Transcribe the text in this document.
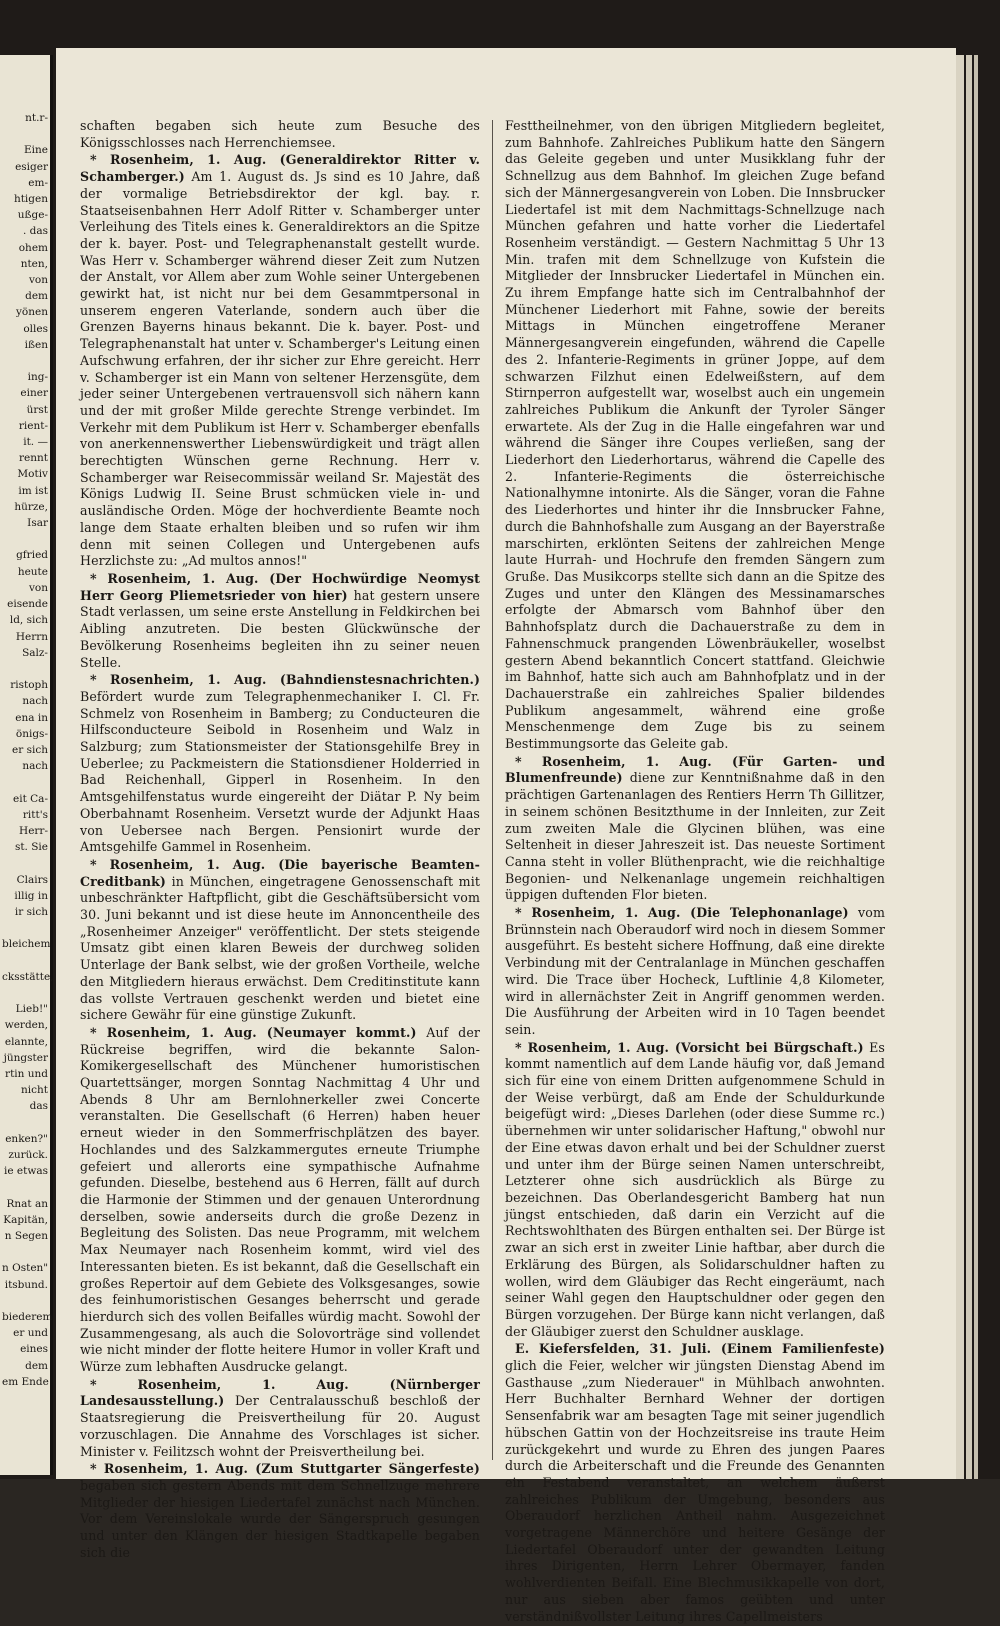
nt.r-

Eine
esiger
em-
htigen
ußge-
. das
ohem
nten,
von
dem
yönen
olles
ißen

ing-
einer
ürst
rient-
it. —
rennt
Motiv
im ist
hürze,
Isar

gfried
heute
von
eisende
ld, sich
Herrn
Salz-

ristoph
nach
ena in
önigs-
er sich
nach

eit Ca-
ritt's
Herr-
st. Sie

Clairs
illig in
ir sich

bleichem

cksstätte,

Lieb!"
werden,
elannte,
jüngster
rtin und
nicht
das

enken?"
zurück.
ie etwas

Rnat an
Kapitän,
n Segen

n Osten"
itsbund.

biederem
er und
eines
dem
em Ende

schaften begaben sich heute zum Besuche des Königsschlosses nach Herrenchiemsee.

* Rosenheim, 1. Aug. (Generaldirektor Ritter v. Schamberger.) Am 1. August ds. Js sind es 10 Jahre, daß der vormalige Betriebsdirektor der kgl. bay. r. Staatseisenbahnen Herr Adolf Ritter v. Schamberger unter Verleihung des Titels eines k. Generaldirektors an die Spitze der k. bayer. Post- und Telegraphenanstalt gestellt wurde. Was Herr v. Schamberger während dieser Zeit zum Nutzen der Anstalt, vor Allem aber zum Wohle seiner Untergebenen gewirkt hat, ist nicht nur bei dem Gesammtpersonal in unserem engeren Vaterlande, sondern auch über die Grenzen Bayerns hinaus bekannt. Die k. bayer. Post- und Telegraphenanstalt hat unter v. Schamberger's Leitung einen Aufschwung erfahren, der ihr sicher zur Ehre gereicht. Herr v. Schamberger ist ein Mann von seltener Herzensgüte, dem jeder seiner Untergebenen vertrauensvoll sich nähern kann und der mit großer Milde gerechte Strenge verbindet. Im Verkehr mit dem Publikum ist Herr v. Schamberger ebenfalls von anerkennenswerther Liebenswürdigkeit und trägt allen berechtigten Wünschen gerne Rechnung. Herr v. Schamberger war Reisecommissär weiland Sr. Majestät des Königs Ludwig II. Seine Brust schmücken viele in- und ausländische Orden. Möge der hochverdiente Beamte noch lange dem Staate erhalten bleiben und so rufen wir ihm denn mit seinen Collegen und Untergebenen aufs Herzlichste zu: „Ad multos annos!"

* Rosenheim, 1. Aug. (Der Hochwürdige Neomyst Herr Georg Pliemetsrieder von hier) hat gestern unsere Stadt verlassen, um seine erste Anstellung in Feldkirchen bei Aibling anzutreten. Die besten Glückwünsche der Bevölkerung Rosenheims begleiten ihn zu seiner neuen Stelle.

* Rosenheim, 1. Aug. (Bahndienstesnachrichten.) Befördert wurde zum Telegraphenmechaniker I. Cl. Fr. Schmelz von Rosenheim in Bamberg; zu Conducteuren die Hilfsconducteure Seibold in Rosenheim und Walz in Salzburg; zum Stationsmeister der Stationsgehilfe Brey in Ueberlee; zu Packmeistern die Stationsdiener Holderried in Bad Reichenhall, Gipperl in Rosenheim. In den Amtsgehilfenstatus wurde eingereiht der Diätar P. Ny beim Oberbahnamt Rosenheim. Versetzt wurde der Adjunkt Haas von Uebersee nach Bergen. Pensionirt wurde der Amtsgehilfe Gammel in Rosenheim.

* Rosenheim, 1. Aug. (Die bayerische Beamten-Creditbank) in München, eingetragene Genossenschaft mit unbeschränkter Haftpflicht, gibt die Geschäftsübersicht vom 30. Juni bekannt und ist diese heute im Annoncentheile des „Rosenheimer Anzeiger" veröffentlicht. Der stets steigende Umsatz gibt einen klaren Beweis der durchweg soliden Unterlage der Bank selbst, wie der großen Vortheile, welche den Mitgliedern hieraus erwächst. Dem Creditinstitute kann das vollste Vertrauen geschenkt werden und bietet eine sichere Gewähr für eine günstige Zukunft.

* Rosenheim, 1. Aug. (Neumayer kommt.) Auf der Rückreise begriffen, wird die bekannte Salon-Komikergesellschaft des Münchener humoristischen Quartettsänger, morgen Sonntag Nachmittag 4 Uhr und Abends 8 Uhr am Bernlohnerkeller zwei Concerte veranstalten. Die Gesellschaft (6 Herren) haben heuer erneut wieder in den Sommerfrischplätzen des bayer. Hochlandes und des Salzkammergutes erneute Triumphe gefeiert und allerorts eine sympathische Aufnahme gefunden. Dieselbe, bestehend aus 6 Herren, fällt auf durch die Harmonie der Stimmen und der genauen Unterordnung derselben, sowie anderseits durch die große Dezenz in Begleitung des Solisten. Das neue Programm, mit welchem Max Neumayer nach Rosenheim kommt, wird viel des Interessanten bieten. Es ist bekannt, daß die Gesellschaft ein großes Repertoir auf dem Gebiete des Volksgesanges, sowie des feinhumoristischen Gesanges beherrscht und gerade hierdurch sich des vollen Beifalles würdig macht. Sowohl der Zusammengesang, als auch die Solovorträge sind vollendet wie nicht minder der flotte heitere Humor in voller Kraft und Würze zum lebhaften Ausdrucke gelangt.

* Rosenheim, 1. Aug. (Nürnberger Landesausstellung.) Der Centralausschuß beschloß der Staatsregierung die Preisvertheilung für 20. August vorzuschlagen. Die Annahme des Vorschlages ist sicher. Minister v. Feilitzsch wohnt der Preisvertheilung bei.

* Rosenheim, 1. Aug. (Zum Stuttgarter Sängerfeste) begaben sich gestern Abends mit dem Schnellzuge mehrere Mitglieder der hiesigen Liedertafel zunächst nach München. Vor dem Vereinslokale wurde der Sängerspruch gesungen und unter den Klängen der hiesigen Stadtkapelle begaben sich die

Festtheilnehmer, von den übrigen Mitgliedern begleitet, zum Bahnhofe. Zahlreiches Publikum hatte den Sängern das Geleite gegeben und unter Musikklang fuhr der Schnellzug aus dem Bahnhof. Im gleichen Zuge befand sich der Männergesangverein von Loben. Die Innsbrucker Liedertafel ist mit dem Nachmittags-Schnellzuge nach München gefahren und hatte vorher die Liedertafel Rosenheim verständigt. — Gestern Nachmittag 5 Uhr 13 Min. trafen mit dem Schnellzuge von Kufstein die Mitglieder der Innsbrucker Liedertafel in München ein. Zu ihrem Empfange hatte sich im Centralbahnhof der Münchener Liederhort mit Fahne, sowie der bereits Mittags in München eingetroffene Meraner Männergesangverein eingefunden, während die Capelle des 2. Infanterie-Regiments in grüner Joppe, auf dem schwarzen Filzhut einen Edelweißstern, auf dem Stirnperron aufgestellt war, woselbst auch ein ungemein zahlreiches Publikum die Ankunft der Tyroler Sänger erwartete. Als der Zug in die Halle eingefahren war und während die Sänger ihre Coupes verließen, sang der Liederhort den Liederhortarus, während die Capelle des 2. Infanterie-Regiments die österreichische Nationalhymne intonirte. Als die Sänger, voran die Fahne des Liederhortes und hinter ihr die Innsbrucker Fahne, durch die Bahnhofshalle zum Ausgang an der Bayerstraße marschirten, erklönten Seitens der zahlreichen Menge laute Hurrah- und Hochrufe den fremden Sängern zum Gruße. Das Musikcorps stellte sich dann an die Spitze des Zuges und unter den Klängen des Messinamarsches erfolgte der Abmarsch vom Bahnhof über den Bahnhofsplatz durch die Dachauerstraße zu dem in Fahnenschmuck prangenden Löwenbräukeller, woselbst gestern Abend bekanntlich Concert stattfand. Gleichwie im Bahnhof, hatte sich auch am Bahnhofplatz und in der Dachauerstraße ein zahlreiches Spalier bildendes Publikum angesammelt, während eine große Menschenmenge dem Zuge bis zu seinem Bestimmungsorte das Geleite gab.

* Rosenheim, 1. Aug. (Für Garten- und Blumenfreunde) diene zur Kenntnißnahme daß in den prächtigen Gartenanlagen des Rentiers Herrn Th Gillitzer, in seinem schönen Besitzthume in der Innleiten, zur Zeit zum zweiten Male die Glycinen blühen, was eine Seltenheit in dieser Jahreszeit ist. Das neueste Sortiment Canna steht in voller Blüthenpracht, wie die reichhaltige Begonien- und Nelkenanlage ungemein reichhaltigen üppigen duftenden Flor bieten.

* Rosenheim, 1. Aug. (Die Telephonanlage) vom Brünnstein nach Oberaudorf wird noch in diesem Sommer ausgeführt. Es besteht sichere Hoffnung, daß eine direkte Verbindung mit der Centralanlage in München geschaffen wird. Die Trace über Hocheck, Luftlinie 4,8 Kilometer, wird in allernächster Zeit in Angriff genommen werden. Die Ausführung der Arbeiten wird in 10 Tagen beendet sein.

* Rosenheim, 1. Aug. (Vorsicht bei Bürgschaft.) Es kommt namentlich auf dem Lande häufig vor, daß Jemand sich für eine von einem Dritten aufgenommene Schuld in der Weise verbürgt, daß am Ende der Schuldurkunde beigefügt wird: „Dieses Darlehen (oder diese Summe rc.) übernehmen wir unter solidarischer Haftung," obwohl nur der Eine etwas davon erhalt und bei der Schuldner zuerst und unter ihm der Bürge seinen Namen unterschreibt, Letzterer ohne sich ausdrücklich als Bürge zu bezeichnen. Das Oberlandesgericht Bamberg hat nun jüngst entschieden, daß darin ein Verzicht auf die Rechtswohlthaten des Bürgen enthalten sei. Der Bürge ist zwar an sich erst in zweiter Linie haftbar, aber durch die Erklärung des Bürgen, als Solidarschuldner haften zu wollen, wird dem Gläubiger das Recht eingeräumt, nach seiner Wahl gegen den Hauptschuldner oder gegen den Bürgen vorzugehen. Der Bürge kann nicht verlangen, daß der Gläubiger zuerst den Schuldner ausklage.

E. Kiefersfelden, 31. Juli. (Einem Familienfeste) glich die Feier, welcher wir jüngsten Dienstag Abend im Gasthause „zum Niederauer" in Mühlbach anwohnten. Herr Buchhalter Bernhard Wehner der dortigen Sensenfabrik war am besagten Tage mit seiner jugendlich hübschen Gattin von der Hochzeitsreise ins traute Heim zurückgekehrt und wurde zu Ehren des jungen Paares durch die Arbeiterschaft und die Freunde des Genannten ein Festabend veranstaltet, an welchem äußerst zahlreiches Publikum der Umgebung, besonders aus Oberaudorf herzlichen Antheil nahm. Ausgezeichnet vorgetragene Männerchöre und heitere Gesänge der Liedertafel Oberaudorf unter der gewandten Leitung ihres Dirigenten, Herrn Lehrer Obermayer, fanden wohlverdienten Beifall. Eine Blechmusikkapelle von dort, nur aus sieben aber famos geübten und unter verständnißvollster Leitung ihres Capellmeisters
